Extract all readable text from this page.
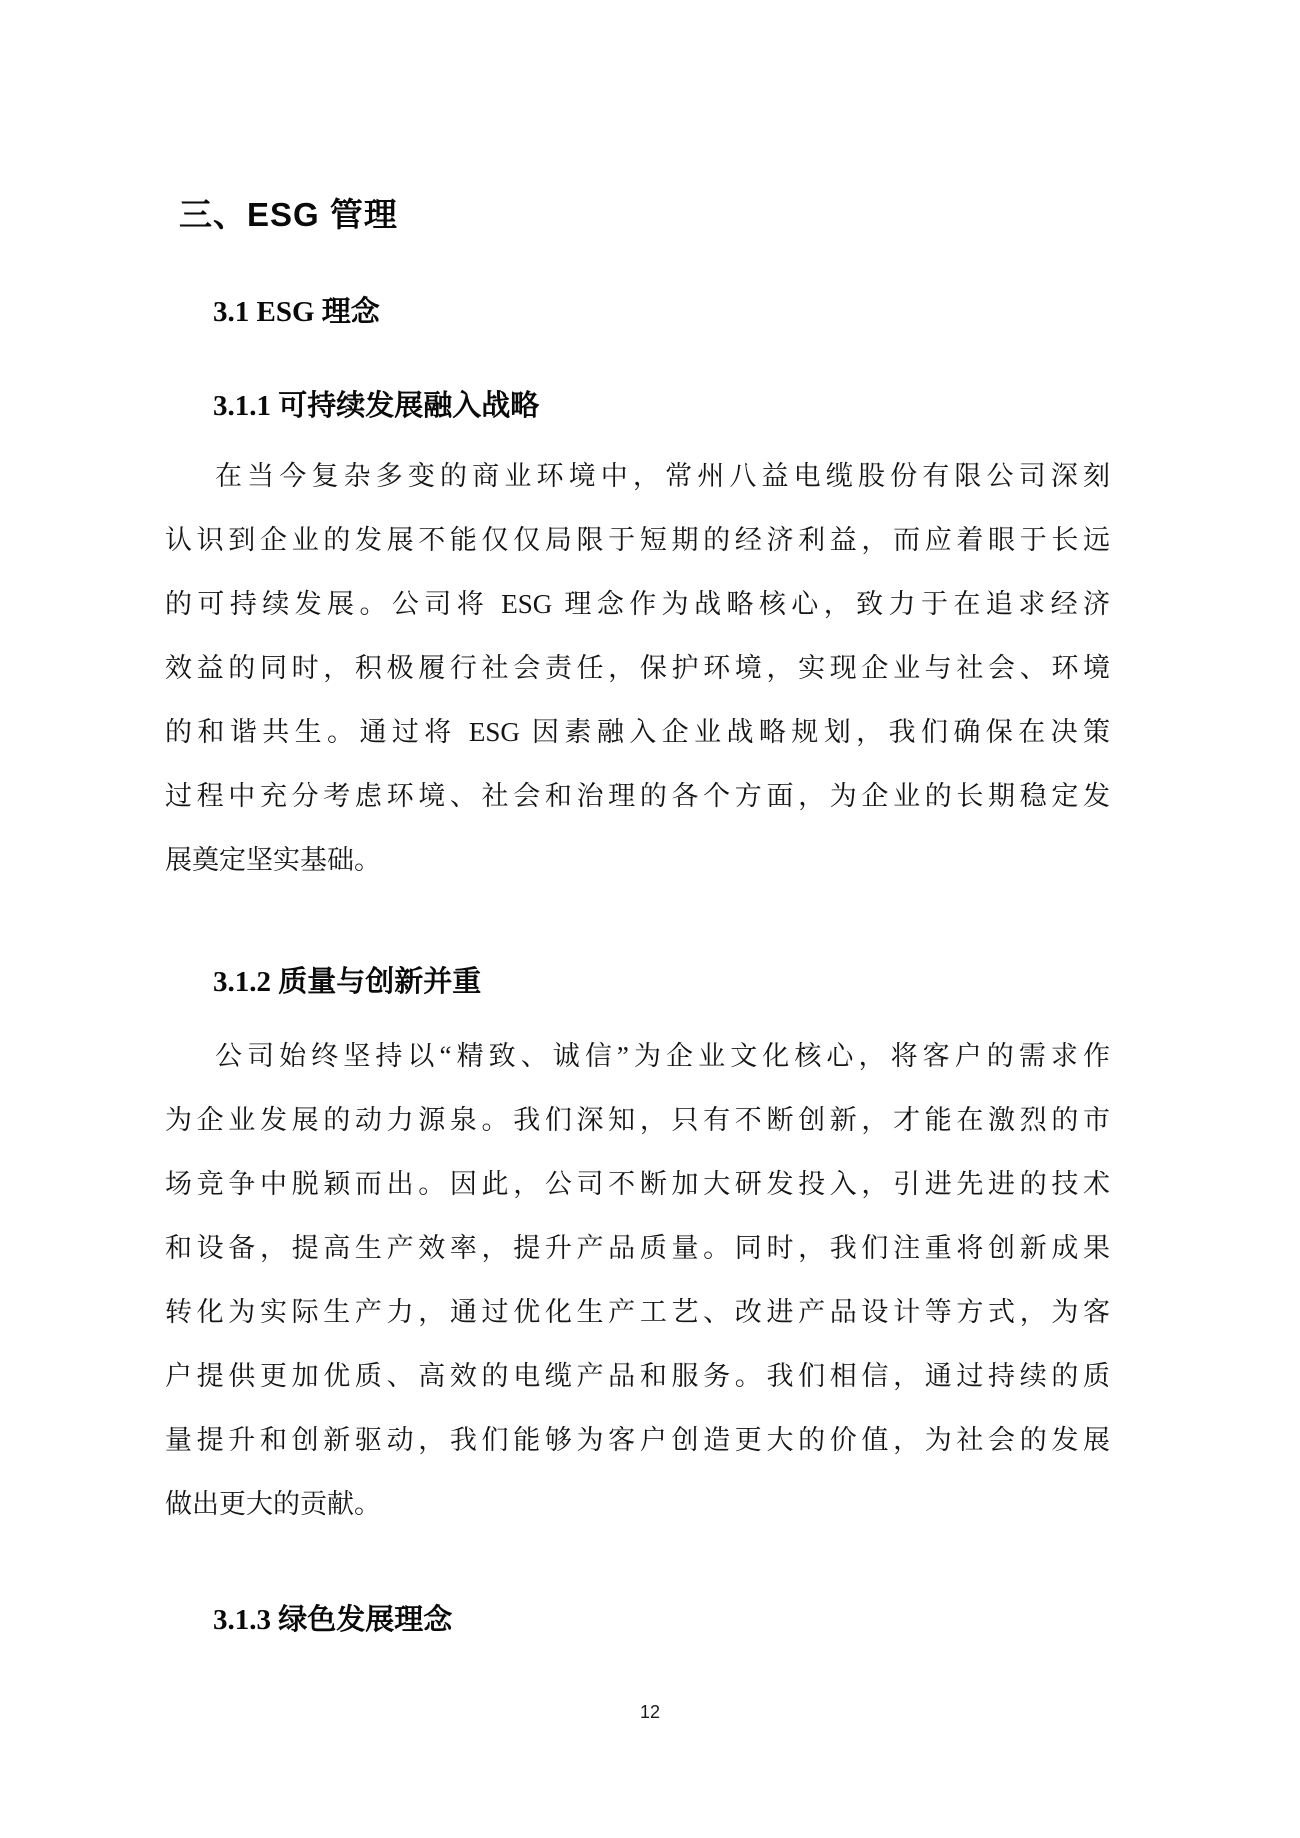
三、ESG 管理
3.1 ESG 理念
3.1.1 可持续发展融入战略
在当今复杂多变的商业环境中，常州八益电缆股份有限公司深刻
认识到企业的发展不能仅仅局限于短期的经济利益，而应着眼于长远
的可持续发展。公司将 ESG 理念作为战略核心，致力于在追求经济
效益的同时，积极履行社会责任，保护环境，实现企业与社会、环境
的和谐共生。通过将 ESG 因素融入企业战略规划，我们确保在决策
过程中充分考虑环境、社会和治理的各个方面，为企业的长期稳定发
展奠定坚实基础。
3.1.2 质量与创新并重
公司始终坚持以“精致、诚信”为企业文化核心，将客户的需求作
为企业发展的动力源泉。我们深知，只有不断创新，才能在激烈的市
场竞争中脱颖而出。因此，公司不断加大研发投入，引进先进的技术
和设备，提高生产效率，提升产品质量。同时，我们注重将创新成果
转化为实际生产力，通过优化生产工艺、改进产品设计等方式，为客
户提供更加优质、高效的电缆产品和服务。我们相信，通过持续的质
量提升和创新驱动，我们能够为客户创造更大的价值，为社会的发展
做出更大的贡献。
3.1.3 绿色发展理念
12
